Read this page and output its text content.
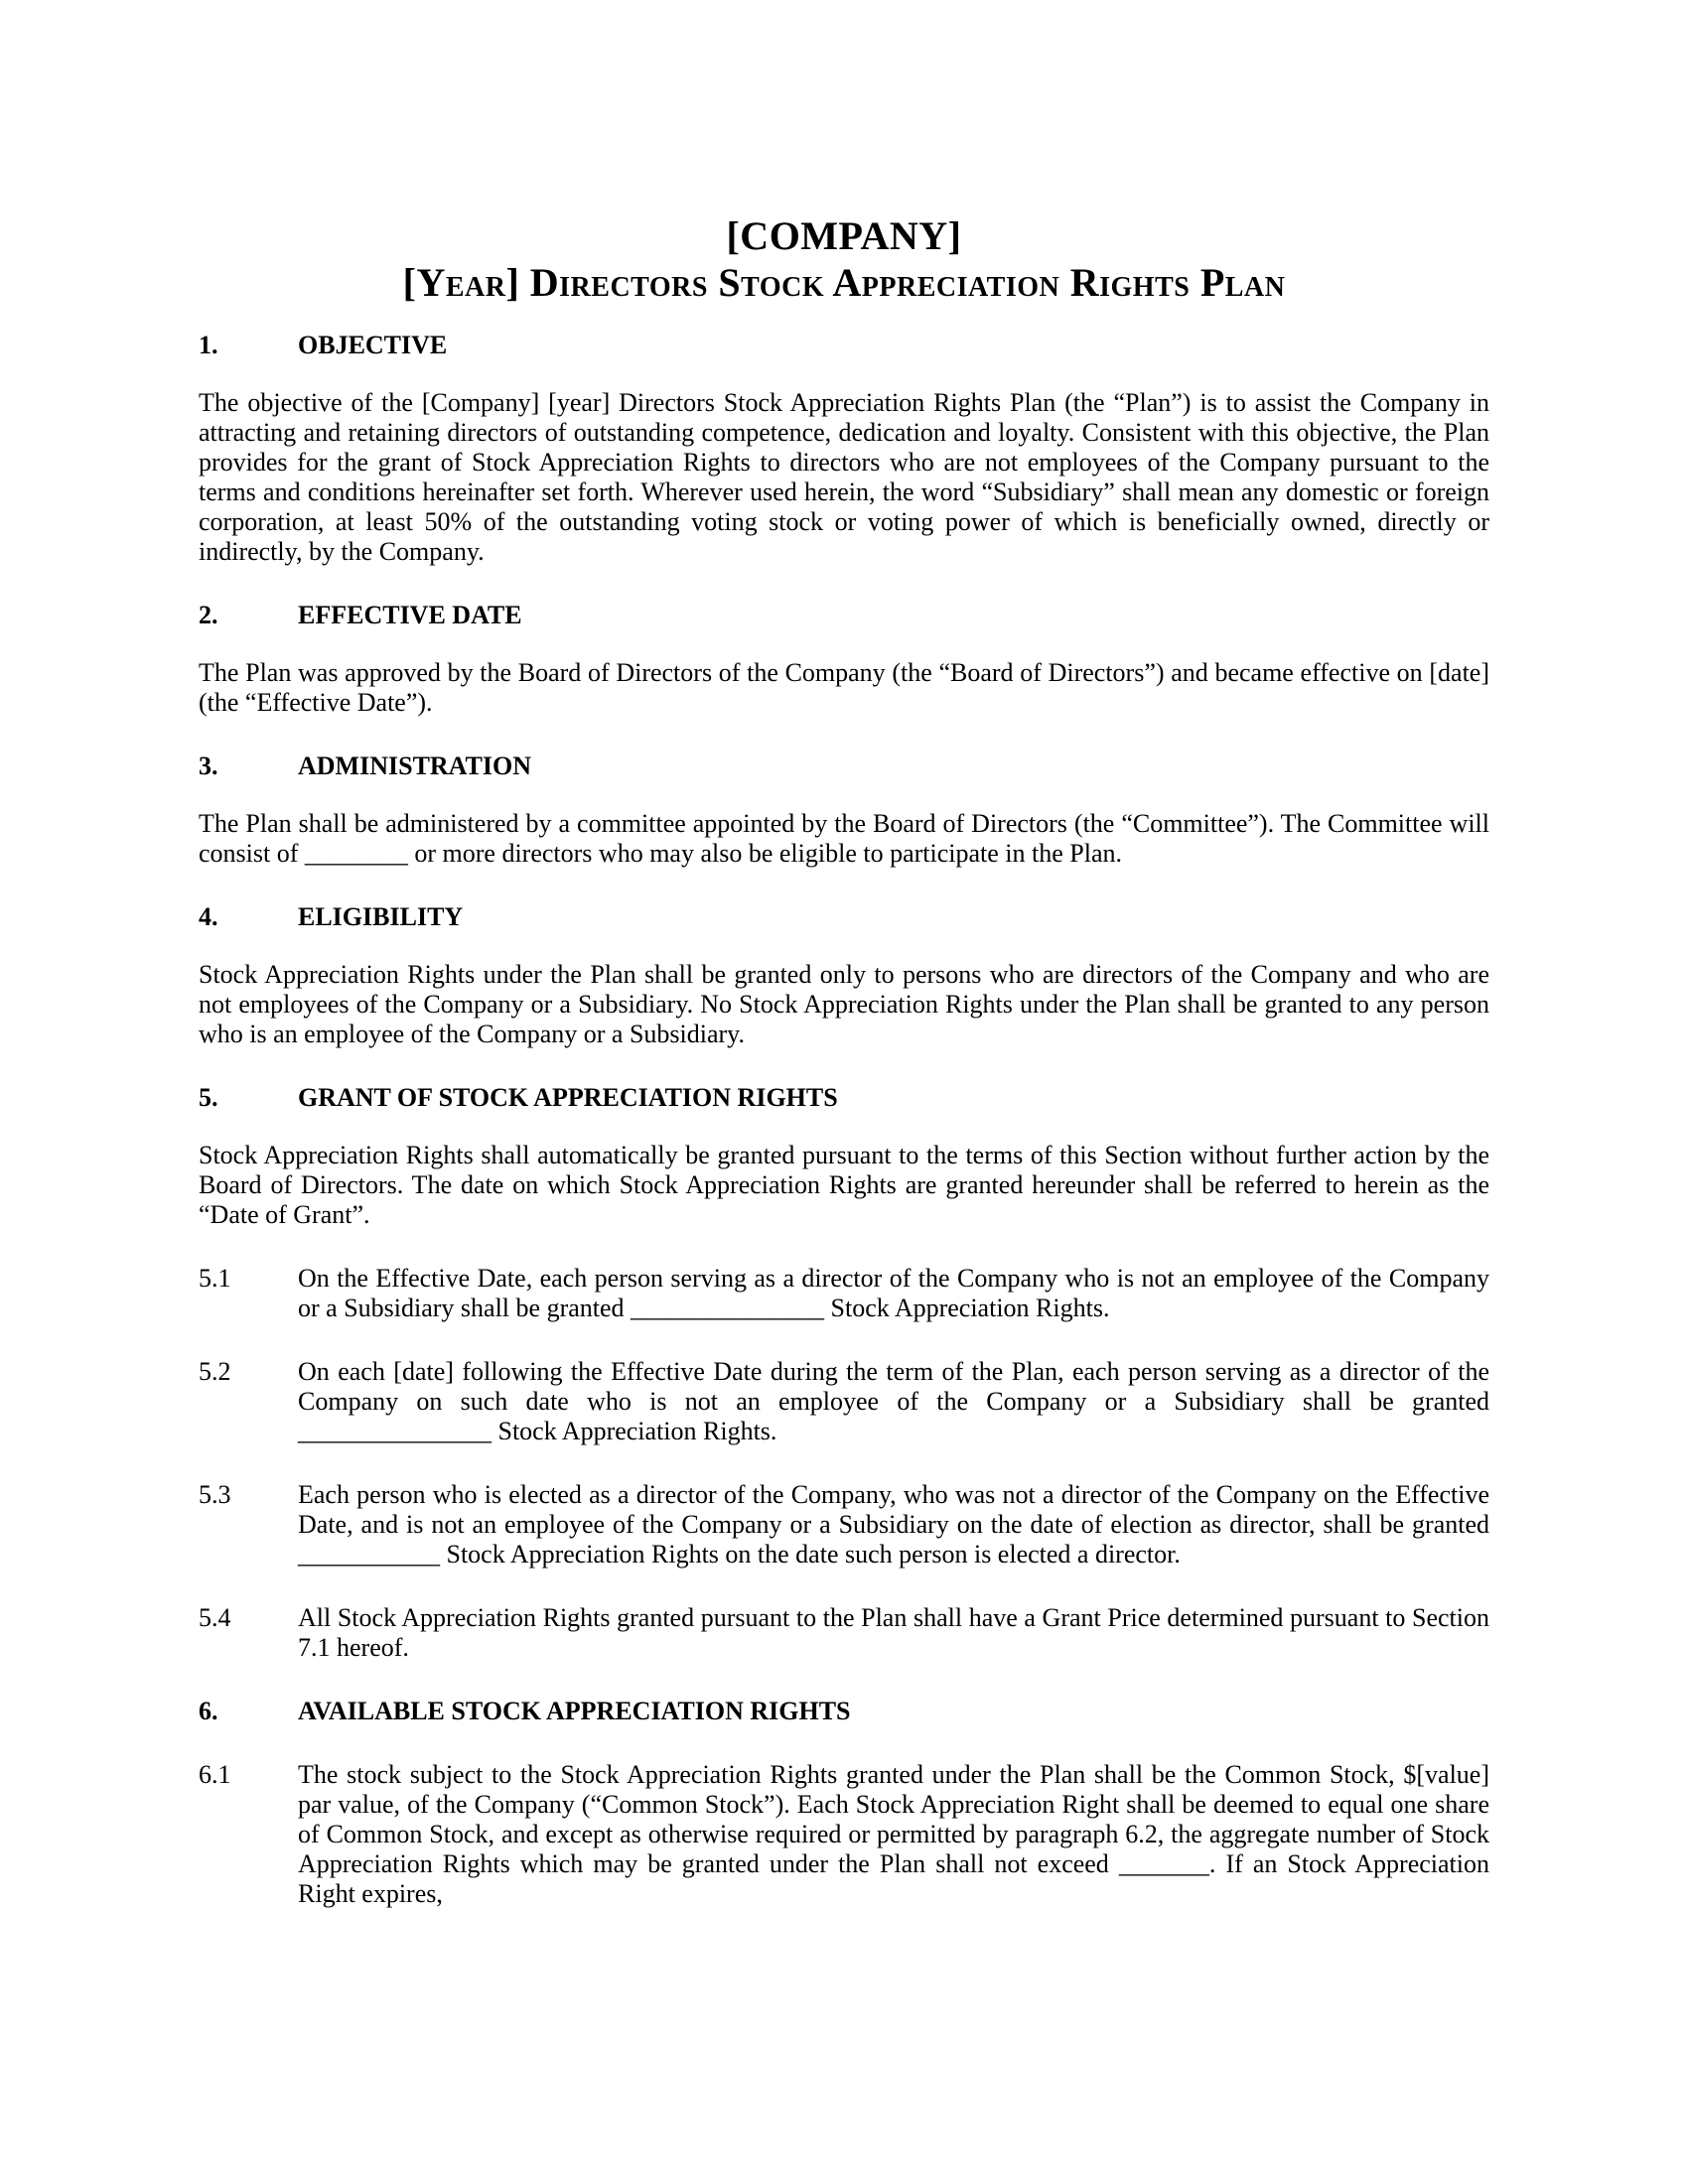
[COMPANY]
[Year] Directors Stock Appreciation Rights Plan
1.	OBJECTIVE

The objective of the [Company] [year] Directors Stock Appreciation Rights Plan (the “Plan”) is to assist the Company in attracting and retaining directors of outstanding competence, dedication and loyalty. Consistent with this objective, the Plan provides for the grant of Stock Appreciation Rights to directors who are not employees of the Company pursuant to the terms and conditions hereinafter set forth. Wherever used herein, the word “Subsidiary” shall mean any domestic or foreign corporation, at least 50% of the outstanding voting stock or voting power of which is beneficially owned, directly or indirectly, by the Company.

2.	EFFECTIVE DATE

The Plan was approved by the Board of Directors of the Company (the “Board of Directors”) and became effective on [date] (the “Effective Date”).

3.	ADMINISTRATION

The Plan shall be administered by a committee appointed by the Board of Directors (the “Committee”). The Committee will consist of ________ or more directors who may also be eligible to participate in the Plan.

4.	ELIGIBILITY

Stock Appreciation Rights under the Plan shall be granted only to persons who are directors of the Company and who are not employees of the Company or a Subsidiary. No Stock Appreciation Rights under the Plan shall be granted to any person who is an employee of the Company or a Subsidiary.

5.	GRANT OF STOCK APPRECIATION RIGHTS

Stock Appreciation Rights shall automatically be granted pursuant to the terms of this Section without further action by the Board of Directors. The date on which Stock Appreciation Rights are granted hereunder shall be referred to herein as the “Date of Grant”.

5.1	On the Effective Date, each person serving as a director of the Company who is not an employee of the Company or a Subsidiary shall be granted _______________ Stock Appreciation Rights.
5.2	On each [date] following the Effective Date during the term of the Plan, each person serving as a director of the Company on such date who is not an employee of the Company or a Subsidiary shall be granted _______________ Stock Appreciation Rights.
5.3	Each person who is elected as a director of the Company, who was not a director of the Company on the Effective Date, and is not an employee of the Company or a Subsidiary on the date of election as director, shall be granted ___________ Stock Appreciation Rights on the date such person is elected a director.
5.4	All Stock Appreciation Rights granted pursuant to the Plan shall have a Grant Price determined pursuant to Section 7.1 hereof.
6.	AVAILABLE STOCK APPRECIATION RIGHTS
6.1	The stock subject to the Stock Appreciation Rights granted under the Plan shall be the Common Stock, $[value] par value, of the Company (“Common Stock”). Each Stock Appreciation Right shall be deemed to equal one share of Common Stock, and except as otherwise required or permitted by paragraph 6.2, the aggregate number of Stock Appreciation Rights which may be granted under the Plan shall not exceed _______. If an Stock Appreciation Right expires,
